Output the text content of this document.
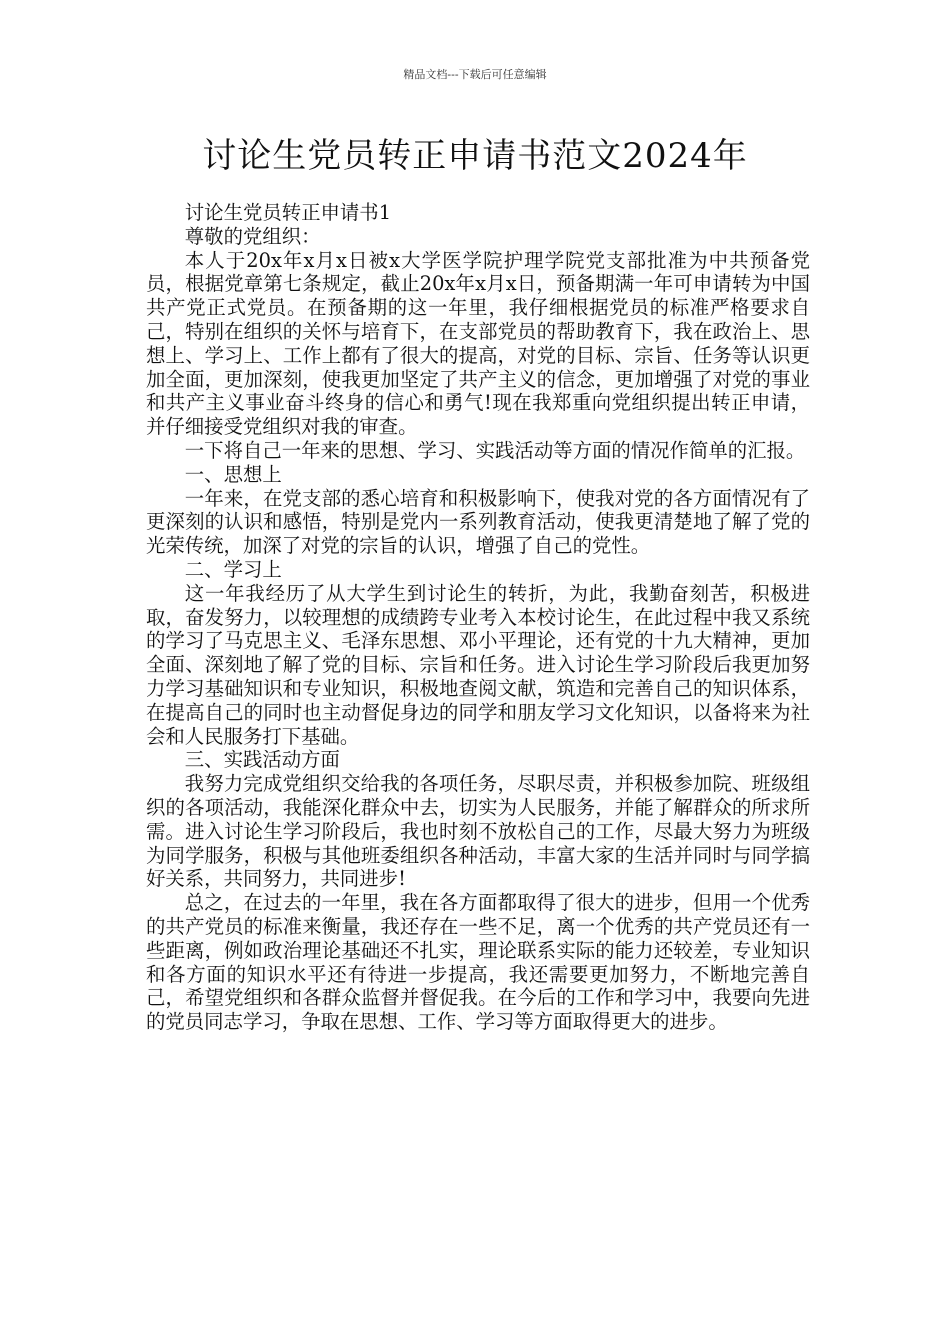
精品文档---下载后可任意编辑
讨论生党员转正申请书范文2024年

讨论生党员转正申请书1

尊敬的党组织：

本人于20x年x月x日被x大学医学院护理学院党支部批准为中共预备党员，根据党章第七条规定，截止20x年x月x日，预备期满一年可申请转为中国共产党正式党员。在预备期的这一年里，我仔细根据党员的标准严格要求自己，特别在组织的关怀与培育下，在支部党员的帮助教育下，我在政治上、思想上、学习上、工作上都有了很大的提高，对党的目标、宗旨、任务等认识更加全面，更加深刻，使我更加坚定了共产主义的信念，更加增强了对党的事业和共产主义事业奋斗终身的信心和勇气!现在我郑重向党组织提出转正申请，并仔细接受党组织对我的审查。

一下将自己一年来的思想、学习、实践活动等方面的情况作简单的汇报。

一、思想上

一年来，在党支部的悉心培育和积极影响下，使我对党的各方面情况有了更深刻的认识和感悟，特别是党内一系列教育活动，使我更清楚地了解了党的光荣传统，加深了对党的宗旨的认识，增强了自己的党性。

二、学习上

这一年我经历了从大学生到讨论生的转折，为此，我勤奋刻苦，积极进取，奋发努力，以较理想的成绩跨专业考入本校讨论生，在此过程中我又系统的学习了马克思主义、毛泽东思想、邓小平理论，还有党的十九大精神，更加全面、深刻地了解了党的目标、宗旨和任务。进入讨论生学习阶段后我更加努力学习基础知识和专业知识，积极地查阅文献，筑造和完善自己的知识体系，在提高自己的同时也主动督促身边的同学和朋友学习文化知识，以备将来为社会和人民服务打下基础。

三、实践活动方面

我努力完成党组织交给我的各项任务，尽职尽责，并积极参加院、班级组织的各项活动，我能深化群众中去，切实为人民服务，并能了解群众的所求所需。进入讨论生学习阶段后，我也时刻不放松自己的工作，尽最大努力为班级为同学服务，积极与其他班委组织各种活动，丰富大家的生活并同时与同学搞好关系，共同努力，共同进步!

总之，在过去的一年里，我在各方面都取得了很大的进步，但用一个优秀的共产党员的标准来衡量，我还存在一些不足，离一个优秀的共产党员还有一些距离，例如政治理论基础还不扎实，理论联系实际的能力还较差，专业知识和各方面的知识水平还有待进一步提高，我还需要更加努力，不断地完善自己，希望党组织和各群众监督并督促我。在今后的工作和学习中，我要向先进的党员同志学习，争取在思想、工作、学习等方面取得更大的进步。
